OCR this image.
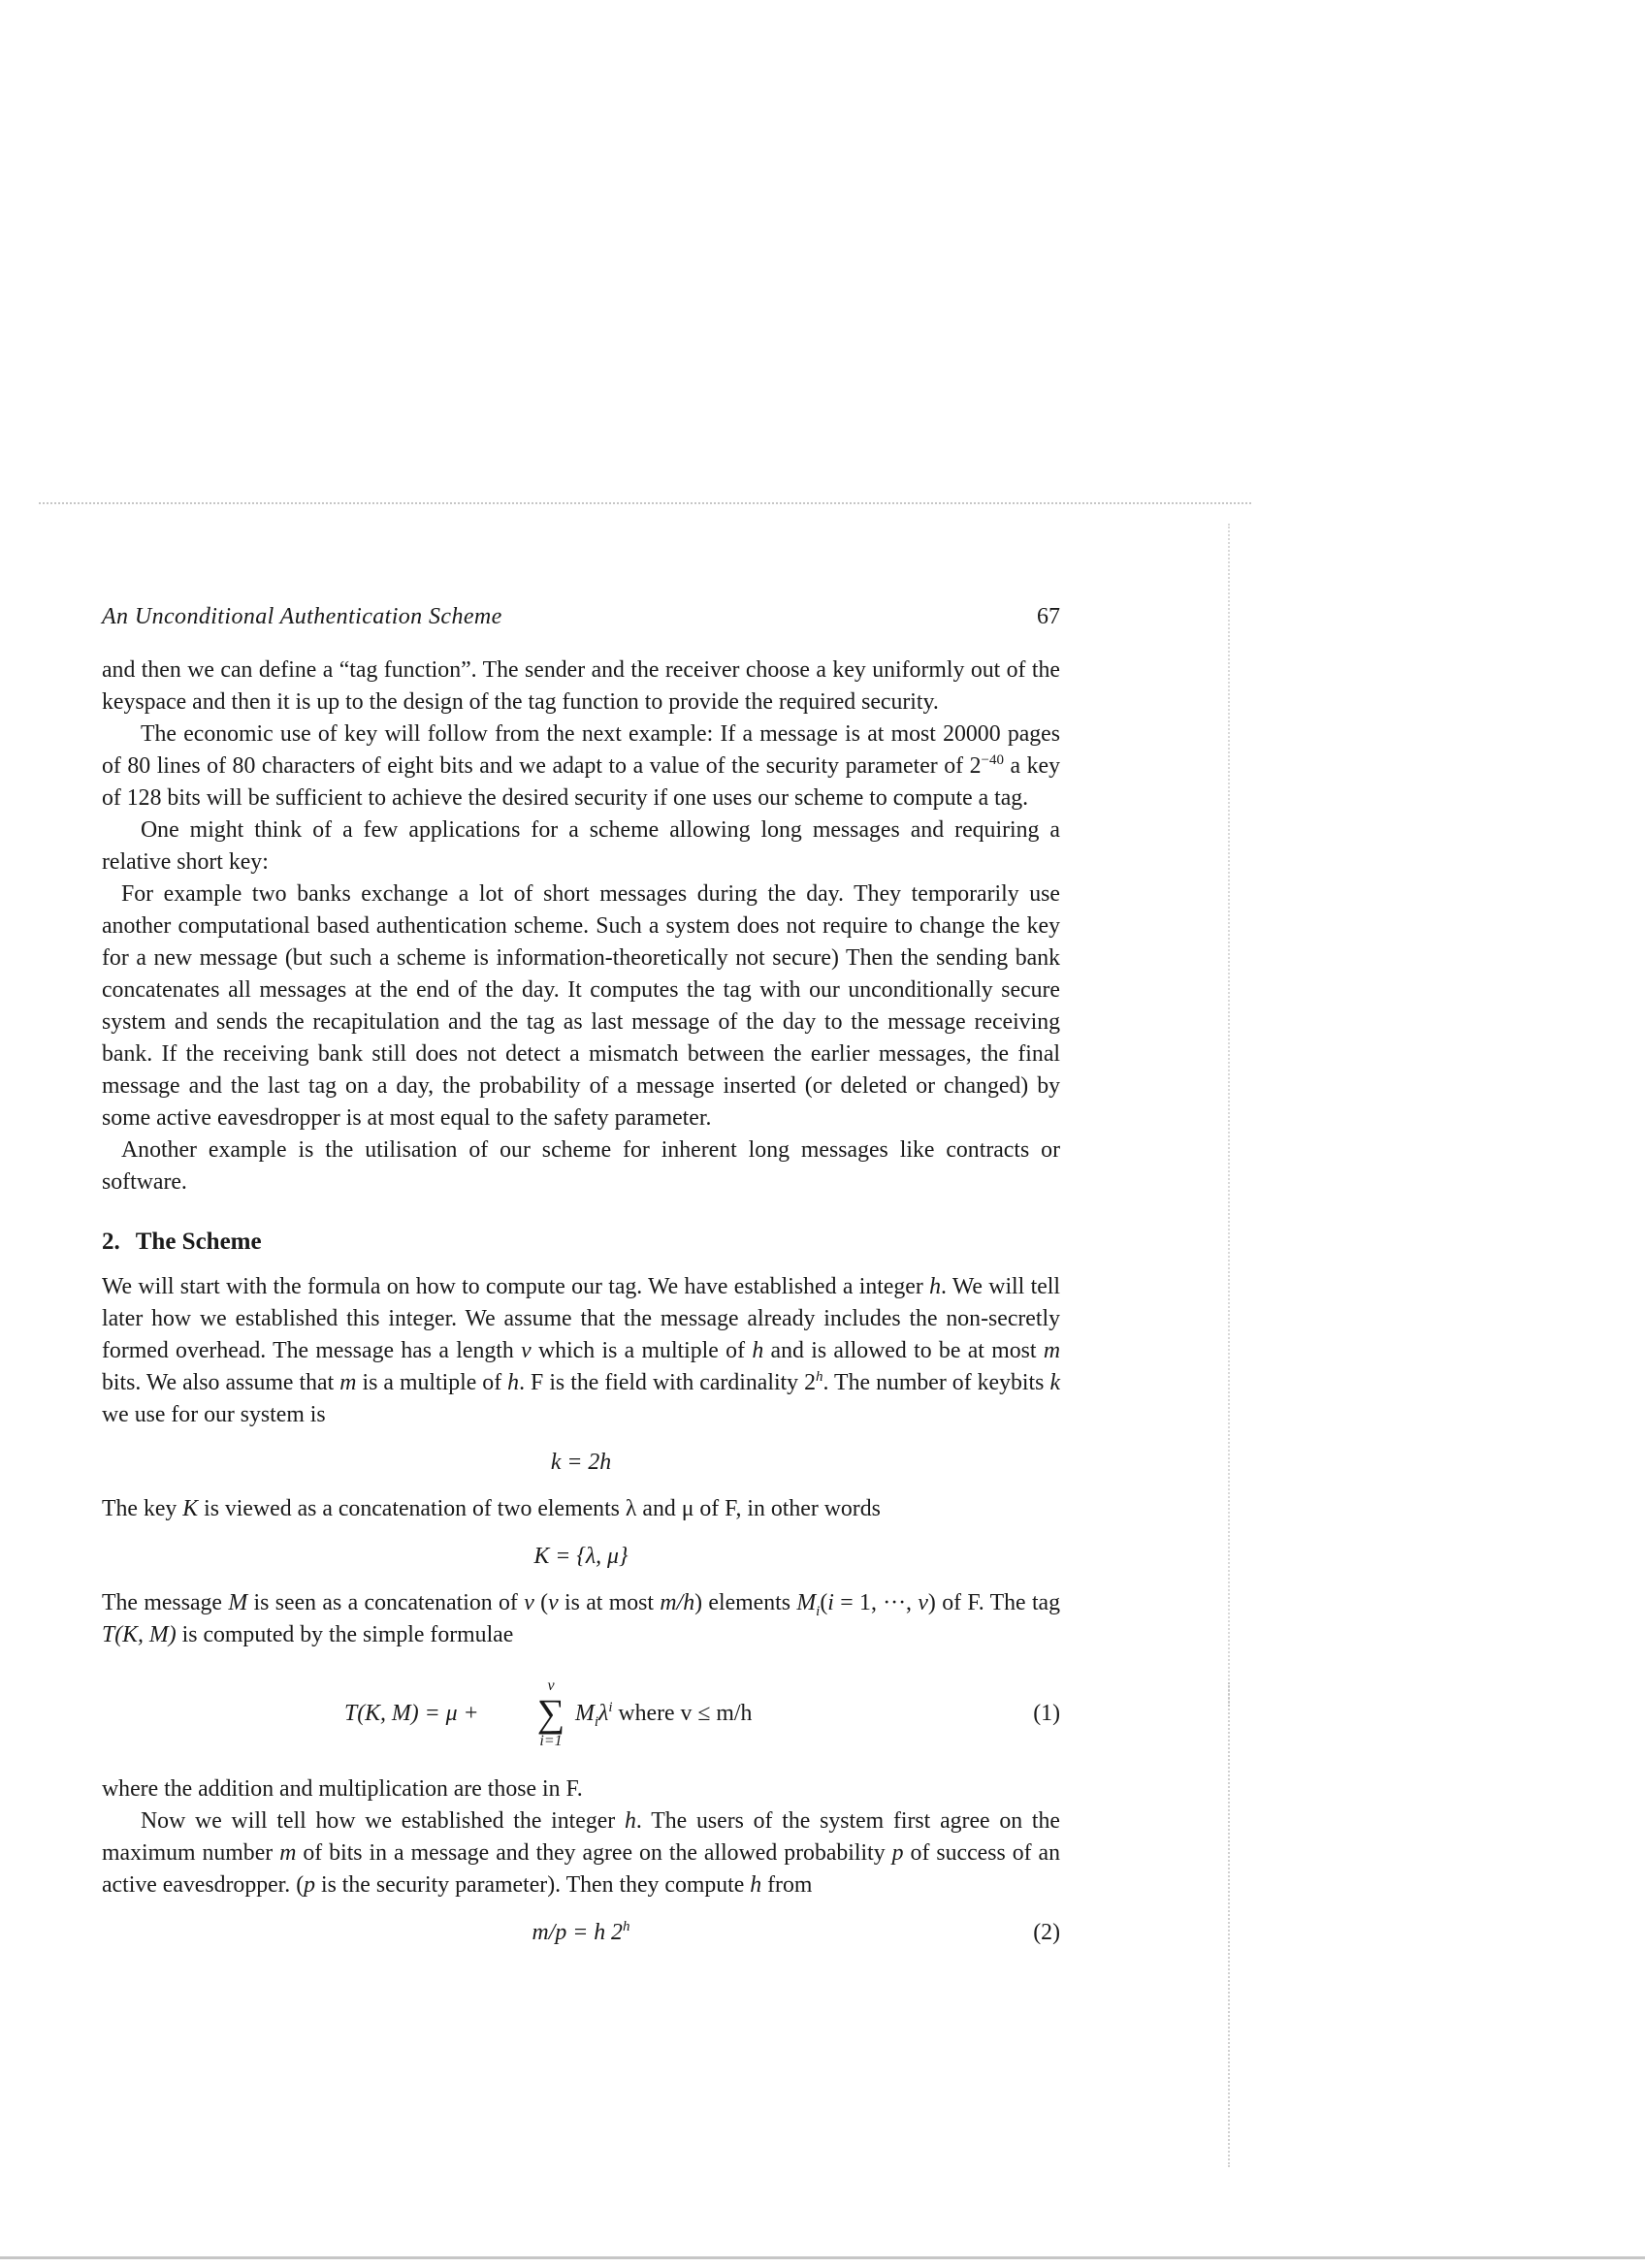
An Unconditional Authentication Scheme	67

and then we can define a “tag function”. The sender and the receiver choose a key uniformly out of the keyspace and then it is up to the design of the tag function to provide the required security.

The economic use of key will follow from the next example: If a message is at most 20000 pages of 80 lines of 80 characters of eight bits and we adapt to a value of the security parameter of $2^{-40}$ a key of 128 bits will be sufficient to achieve the desired security if one uses our scheme to compute a tag.

One might think of a few applications for a scheme allowing long messages and requiring a relative short key:

For example two banks exchange a lot of short messages during the day. They temporarily use another computational based authentication scheme. Such a system does not require to change the key for a new message (but such a scheme is information-theoretically not secure) Then the sending bank concatenates all messages at the end of the day. It computes the tag with our unconditionally secure system and sends the recapitulation and the tag as last message of the day to the message receiving bank. If the receiving bank still does not detect a mismatch between the earlier messages, the final message and the last tag on a day, the probability of a message inserted (or deleted or changed) by some active eavesdropper is at most equal to the safety parameter.

Another example is the utilisation of our scheme for inherent long messages like contracts or software.

2. The Scheme

We will start with the formula on how to compute our tag. We have established a integer h. We will tell later how we established this integer. We assume that the message already includes the non-secretly formed overhead. The message has a length v which is a multiple of h and is allowed to be at most m bits. We also assume that m is a multiple of h. F is the field with cardinality 2$^h$. The number of keybits k we use for our system is

k = 2h

The key K is viewed as a concatenation of two elements λ and μ of F, in other words

K = {λ, μ}

The message M is seen as a concatenation of v (v is at most m/h) elements $M_i(i = 1$, ···, v) of F. The tag T(K, M) is computed by the simple formulae

T(K, M) = μ +
v
∑
i=1
$M_i\lambda^i$ where v ≤ m/h	(1)

where the addition and multiplication are those in F.

Now we will tell how we established the integer h. The users of the system first agree on the maximum number m of bits in a message and they agree on the allowed probability p of success of an active eavesdropper. (p is the security parameter). Then they compute h from

m/p = h 2$^h$	(2)
